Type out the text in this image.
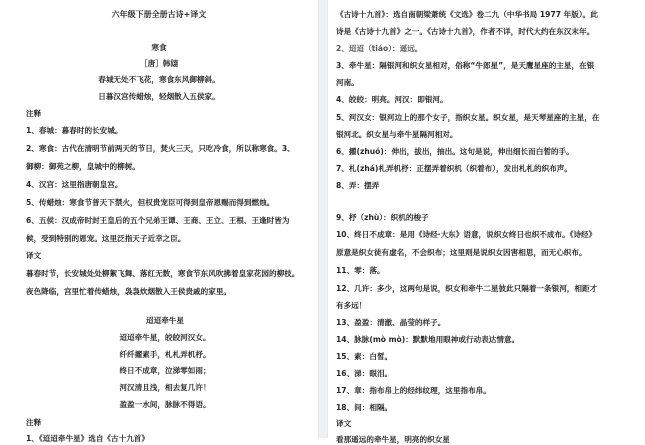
六年级下册全册古诗+译文
寒食
［唐］韩翃
春城无处不飞花，寒食东风御柳斜。
日暮汉宫传蜡烛，轻烟散入五侯家。
注释
1、春城：暮春时的长安城。
2、寒食：古代在清明节前两天的节日，焚火三天，只吃冷食，所以称寒食。3、
御柳：御苑之柳，皇城中的柳树。
4、汉宫：这里指唐朝皇宫。
5、传蜡烛：寒食节普天下禁火，但权贵宠臣可得到皇帝恩赐而得到燃烛。
6、五侯：汉成帝时封王皇后的五个兄弟王谭、王商、王立、王根、王逢时皆为
候，受到特别的恩宠。这里泛指天子近幸之臣。
译文
暮春时节，长安城处处柳絮飞舞、落红无数，寒食节东风吹拂着皇家花园的柳枝。
夜色降临，宫里忙着传蜡烛，袅袅炊烟散入王侯贵戚的家里。
迢迢牵牛星
迢迢牵牛星，皎皎河汉女。
纤纤擢素手，札札弄机杼。
终日不成章，泣涕零如雨；
河汉清且浅，相去复几许！
盈盈一水间，脉脉不得语。
注释
1、《迢迢牵牛星》选自《古十九首》
《古诗十九首》：选自南朝梁萧统《文选》卷二九（中华书局 1977 年版）。此
诗是《古诗十九首》之一。《古诗十九首》，作者不详，时代大约在东汉末年。
2、迢迢（tiáo）：遥远。
3、牵牛星：隔银河和织女星相对，俗称“牛郎星”，是天鹰星座的主星，在银
河南。
4、皎皎：明亮。河汉：即银河。
5、河汉女：银河边上的那个女子，指织女星。织女星，是天琴星座的主星，在
银河北。织女星与牵牛星隔河相对。
6、擢(zhuó)：伸出，拔出，抽出。这句是说，伸出细长而白皙的手。
7、札(zhá)札弄机杼：正摆弄着织机（织着布），发出札札的织布声。
8、弄：摆弄
9、杼（zhù）：织机的梭子
10、终日不成章：是用《诗经·大东》语意，说织女终日也织不成布。《诗经》
原意是织女徒有虚名，不会织布；这里则是说织女因害相思，而无心织布。
11、零：落。
12、几许：多少，这两句是说，织女和牵牛二星彼此只隔着一条银河，相距才
有多远！
13、盈盈：清澈、晶莹的样子。
14、脉脉(mò mò)：默默地用眼神或行动表达情意。
15、素：白皙。
16、涕：眼泪。
17、章：指布帛上的经纬纹理，这里指布帛。
18、间：相隔。
译文
看那遥远的牵牛星，明亮的织女星
